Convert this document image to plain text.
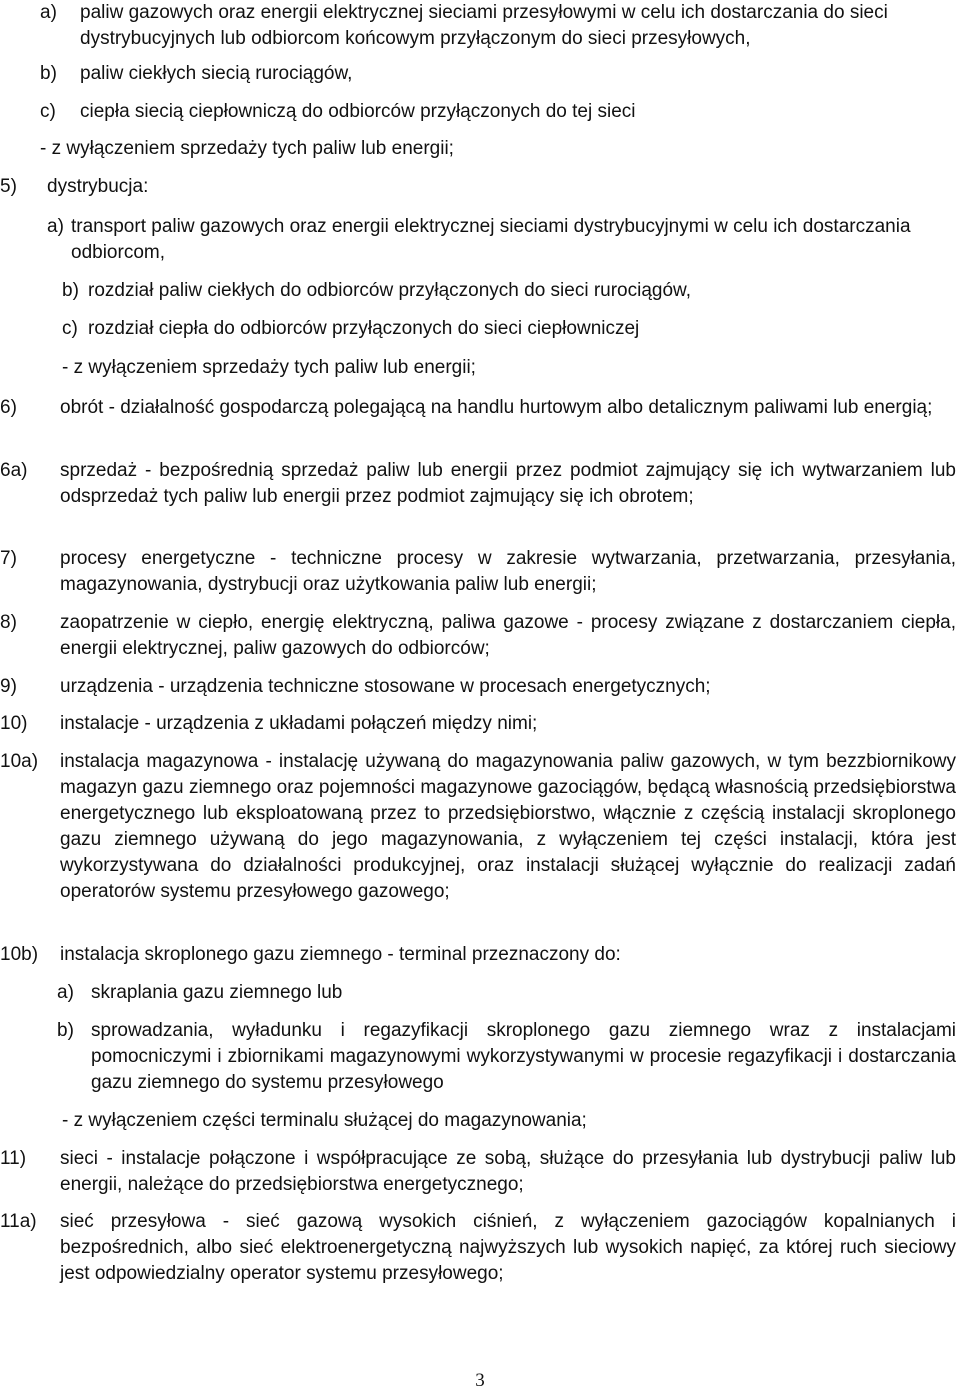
a)	paliw gazowych oraz energii elektrycznej sieciami przesyłowymi w celu ich dostarczania do sieci dystrybucyjnych lub odbiorcom końcowym przyłączonym do sieci przesyłowych,
b)	paliw ciekłych siecią rurociągów,
c)	ciepła siecią ciepłowniczą do odbiorców przyłączonych do tej sieci
- z wyłączeniem sprzedaży tych paliw lub energii;
5)	dystrybucja:
a) transport paliw gazowych oraz energii elektrycznej sieciami dystrybucyjnymi w celu ich dostarczania odbiorcom,
b) rozdział paliw ciekłych do odbiorców przyłączonych do sieci rurociągów,
c) rozdział ciepła do odbiorców przyłączonych do sieci ciepłowniczej
- z wyłączeniem sprzedaży tych paliw lub energii;
6)	obrót - działalność gospodarczą polegającą na handlu hurtowym albo detalicznym paliwami lub energią;
6a)	sprzedaż - bezpośrednią sprzedaż paliw lub energii przez podmiot zajmujący się ich wytwarzaniem lub odsprzedaż tych paliw lub energii przez podmiot zajmujący się ich obrotem;
7)	procesy energetyczne - techniczne procesy w zakresie wytwarzania, przetwarzania, przesyłania, magazynowania, dystrybucji oraz użytkowania paliw lub energii;
8)	zaopatrzenie w ciepło, energię elektryczną, paliwa gazowe - procesy związane z dostarczaniem ciepła, energii elektrycznej, paliw gazowych do odbiorców;
9)	urządzenia - urządzenia techniczne stosowane w procesach energetycznych;
10)	instalacje - urządzenia z układami połączeń między nimi;
10a)	instalacja magazynowa - instalację używaną do magazynowania paliw gazowych, w tym bezzbiornikowy magazyn gazu ziemnego oraz pojemności magazynowe gazociągów, będącą własnością przedsiębiorstwa energetycznego lub eksploatowaną przez to przedsiębiorstwo, włącznie z częścią instalacji skroplonego gazu ziemnego używaną do jego magazynowania, z wyłączeniem tej części instalacji, która jest wykorzystywana do działalności produkcyjnej, oraz instalacji służącej wyłącznie do realizacji zadań operatorów systemu przesyłowego gazowego;
10b)	instalacja skroplonego gazu ziemnego - terminal przeznaczony do:
a) skraplania gazu ziemnego lub
b) sprowadzania, wyładunku i regazyfikacji skroplonego gazu ziemnego wraz z instalacjami pomocniczymi i zbiornikami magazynowymi wykorzystywanymi w procesie regazyfikacji i dostarczania gazu ziemnego do systemu przesyłowego
- z wyłączeniem części terminalu służącej do magazynowania;
11)	sieci - instalacje połączone i współpracujące ze sobą, służące do przesyłania lub dystrybucji paliw lub energii, należące do przedsiębiorstwa energetycznego;
11a)	sieć przesyłowa - sieć gazową wysokich ciśnień, z wyłączeniem gazociągów kopalnianych i bezpośrednich, albo sieć elektroenergetyczną najwyższych lub wysokich napięć, za której ruch sieciowy jest odpowiedzialny operator systemu przesyłowego;
3
